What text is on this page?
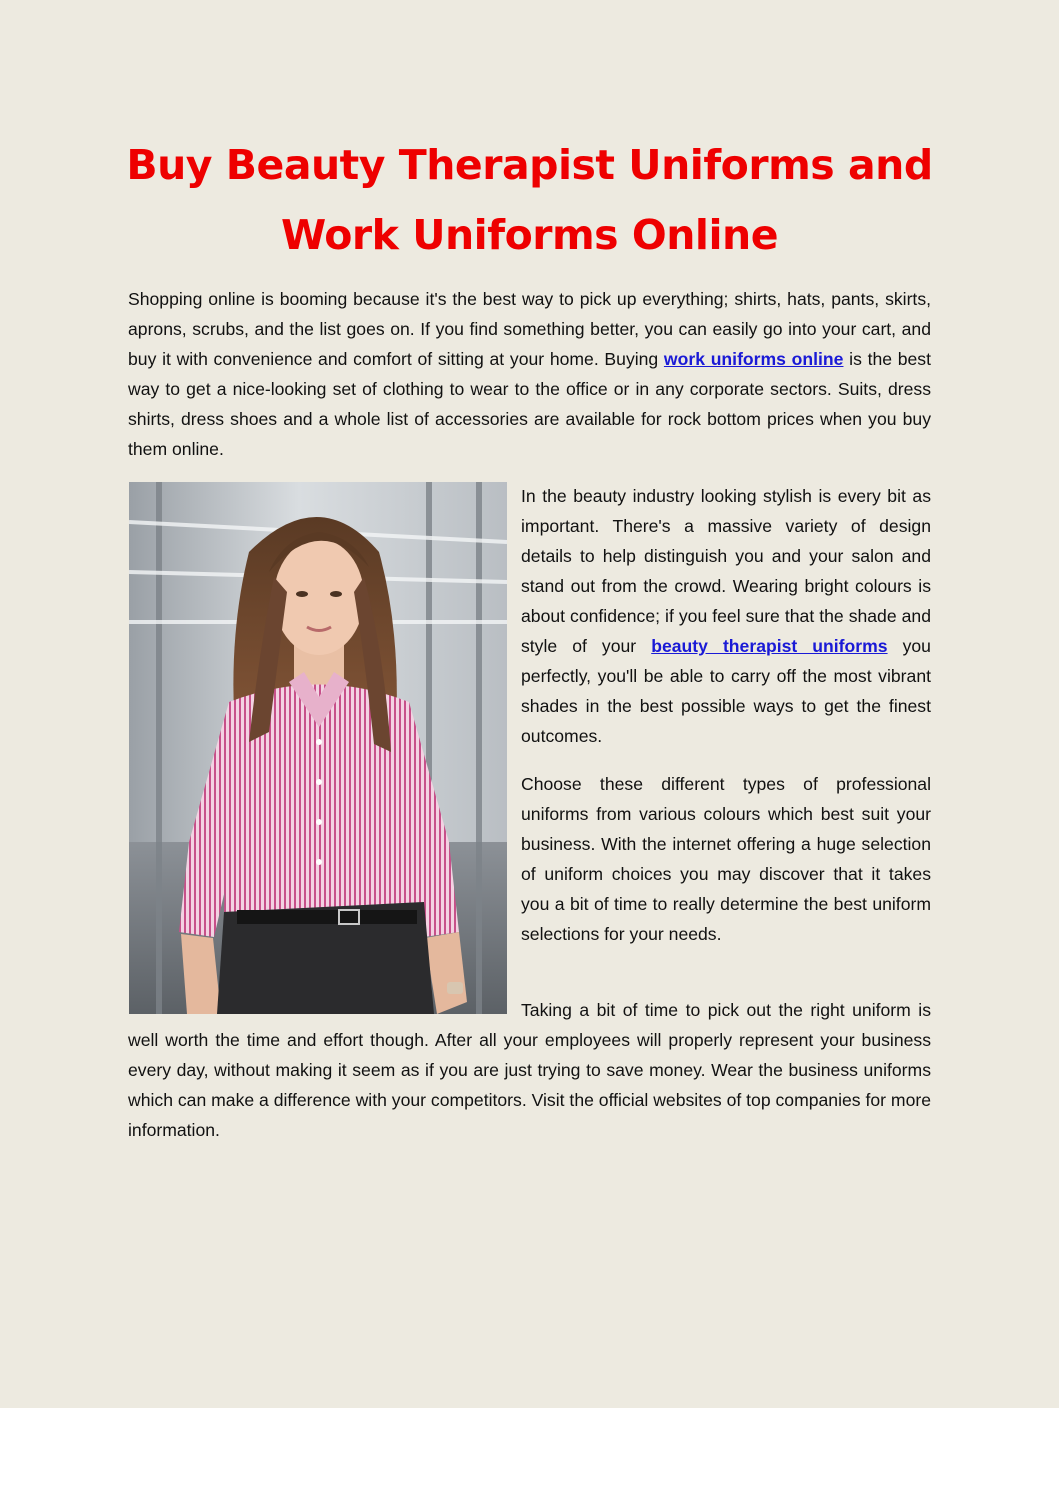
Buy Beauty Therapist Uniforms and
Work Uniforms Online

Shopping online is booming because it's the best way to pick up everything; shirts, hats, pants, skirts, aprons, scrubs, and the list goes on. If you find something better, you can easily go into your cart, and buy it with convenience and comfort of sitting at your home. Buying work uniforms online is the best way to get a nice-looking set of clothing to wear to the office or in any corporate sectors. Suits, dress shirts, dress shoes and a whole list of accessories are available for rock bottom prices when you buy them online.

In the beauty industry looking stylish is every bit as important. There's a massive variety of design details to help distinguish you and your salon and stand out from the crowd. Wearing bright colours is about confidence; if you feel sure that the shade and style of your beauty therapist uniforms you perfectly, you'll be able to carry off the most vibrant shades in the best possible ways to get the finest outcomes.

Choose these different types of professional uniforms from various colours which best suit your business. With the internet offering a huge selection of uniform choices you may discover that it takes you a bit of time to really determine the best uniform selections for your needs.

Taking a bit of time to pick out the right uniform is well worth the time and effort though. After all your employees will properly represent your business every day, without making it seem as if you are just trying to save money. Wear the business uniforms which can make a difference with your competitors. Visit the official websites of top companies for more information.
